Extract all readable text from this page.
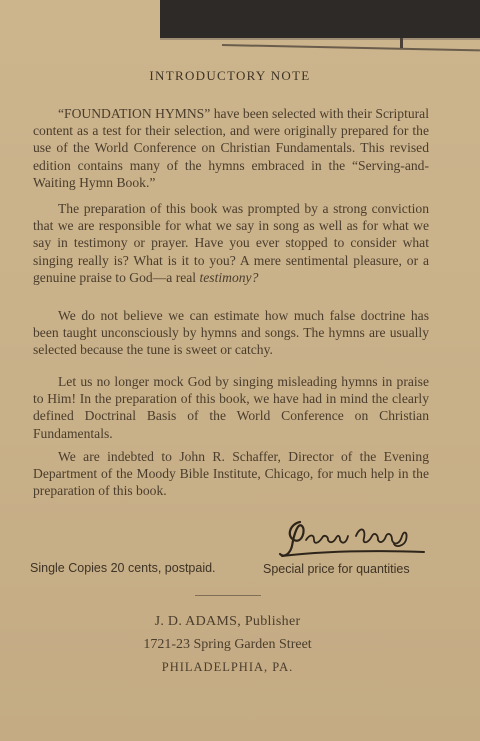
INTRODUCTORY NOTE

“FOUNDATION HYMNS” have been selected with their Scriptural content as a test for their selection, and were originally prepared for the use of the World Conference on Christian Fundamentals. This revised edition contains many of the hymns embraced in the “Serving-and-Waiting Hymn Book.”

The preparation of this book was prompted by a strong conviction that we are responsible for what we say in song as well as for what we say in testimony or prayer. Have you ever stopped to consider what singing really is? What is it to you? A mere sentimental pleasure, or a genuine praise to God—a real testimony?

We do not believe we can estimate how much false doctrine has been taught unconsciously by hymns and songs. The hymns are usually selected because the tune is sweet or catchy.

Let us no longer mock God by singing misleading hymns in praise to Him! In the preparation of this book, we have had in mind the clearly defined Doctrinal Basis of the World Conference on Christian Fundamentals.

We are indebted to John R. Schaffer, Director of the Evening Department of the Moody Bible Institute, Chicago, for much help in the preparation of this book.

Single Copies 20 cents, postpaid.	Special price for quantities
J. D. ADAMS, Publisher
1721-23 Spring Garden Street
PHILADELPHIA, PA.
